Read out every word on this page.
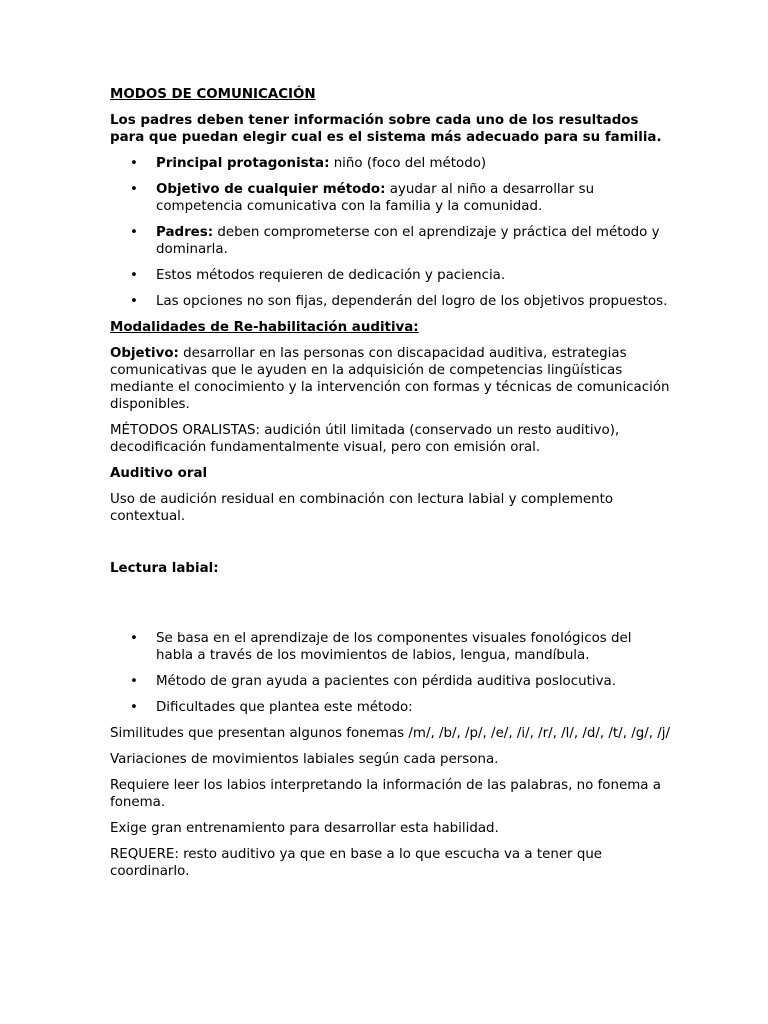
MODOS DE COMUNICACIÓN

Los padres deben tener información sobre cada uno de los resultados para que puedan elegir cual es el sistema más adecuado para su familia.

• Principal protagonista: niño (foco del método)
• Objetivo de cualquier método: ayudar al niño a desarrollar su competencia comunicativa con la familia y la comunidad.
• Padres: deben comprometerse con el aprendizaje y práctica del método y dominarla.
• Estos métodos requieren de dedicación y paciencia.
• Las opciones no son fijas, dependerán del logro de los objetivos propuestos.

Modalidades de Re-habilitación auditiva:

Objetivo: desarrollar en las personas con discapacidad auditiva, estrategias comunicativas que le ayuden en la adquisición de competencias lingüísticas mediante el conocimiento y la intervención con formas y técnicas de comunicación disponibles.

MÉTODOS ORALISTAS: audición útil limitada (conservado un resto auditivo), decodificación fundamentalmente visual, pero con emisión oral.

Auditivo oral

Uso de audición residual en combinación con lectura labial y complemento contextual.

Lectura labial:

• Se basa en el aprendizaje de los componentes visuales fonológicos del habla a través de los movimientos de labios, lengua, mandíbula.
• Método de gran ayuda a pacientes con pérdida auditiva poslocutiva.
• Dificultades que plantea este método:

Similitudes que presentan algunos fonemas /m/, /b/, /p/, /e/, /i/, /r/, /l/, /d/, /t/, /g/, /j/

Variaciones de movimientos labiales según cada persona.

Requiere leer los labios interpretando la información de las palabras, no fonema a fonema.

Exige gran entrenamiento para desarrollar esta habilidad.

REQUERE: resto auditivo ya que en base a lo que escucha va a tener que coordinarlo.
